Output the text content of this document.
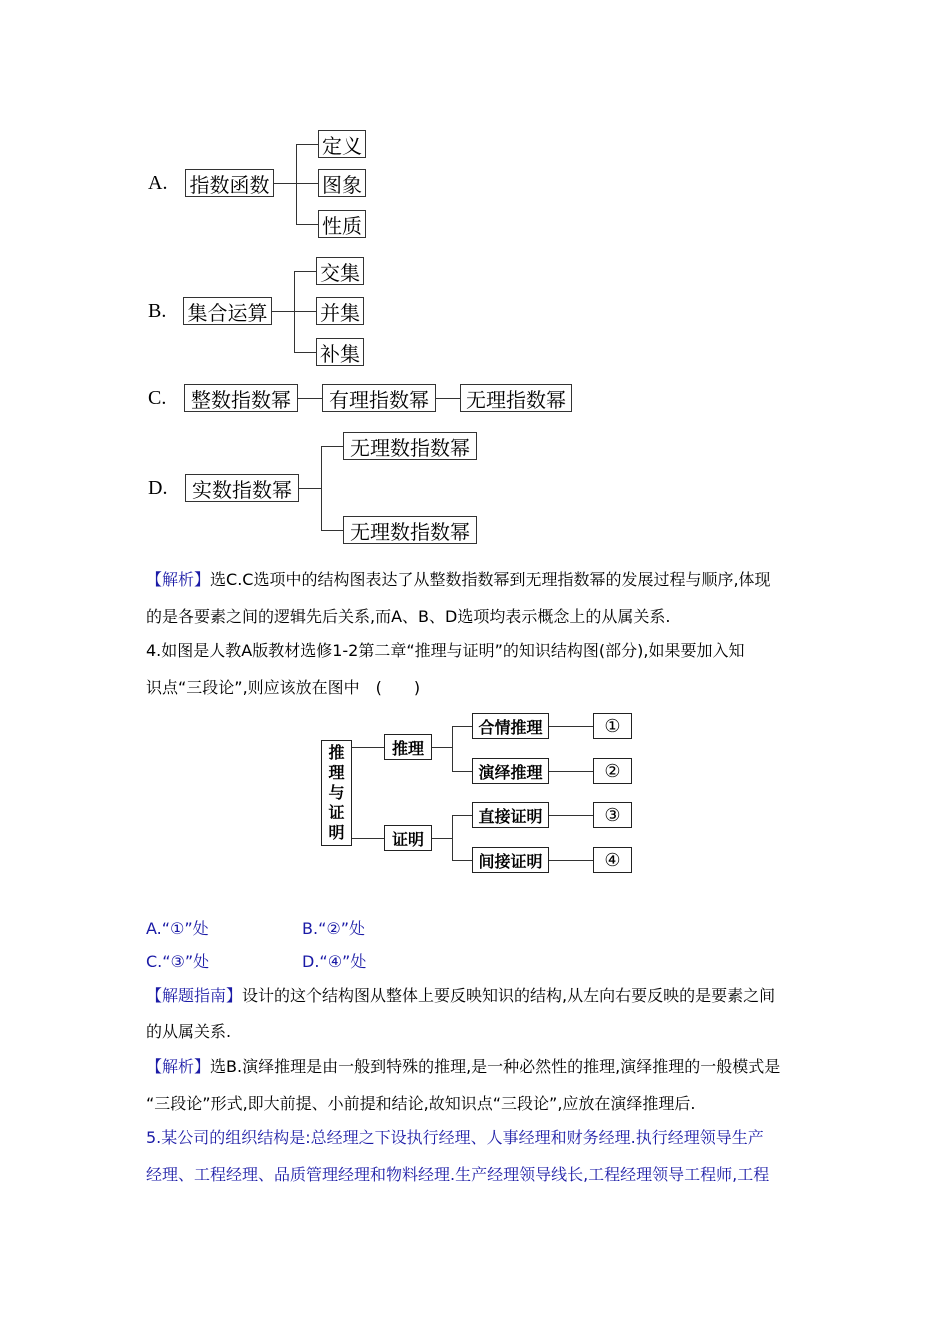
A. 指数函数
定义
图象
性质
B. 集合运算
交集
并集
补集
C.	整数指数幂	有理指数幂	无理指数幂
D.	实数指数幂
无理数指数幂
无理数指数幂
【解析】选C.C选项中的结构图表达了从整数指数幂到无理指数幂的发展过程与顺序,体现
的是各要素之间的逻辑先后关系,而A、B、D选项均表示概念上的从属关系.
4.如图是人教A版教材选修1-2第二章“推理与证明”的知识结构图(部分),如果要加入知
识点“三段论”,则应该放在图中　(　　)
推
理
与
证
明
推理
证明
合情推理
演绎推理
直接证明
间接证明
①
②
③
④
A.“①”处	B.“②”处
C.“③”处	D.“④”处
【解题指南】设计的这个结构图从整体上要反映知识的结构,从左向右要反映的是要素之间
的从属关系.
【解析】选B.演绎推理是由一般到特殊的推理,是一种必然性的推理,演绎推理的一般模式是
“三段论”形式,即大前提、小前提和结论,故知识点“三段论”,应放在演绎推理后.
5.某公司的组织结构是:总经理之下设执行经理、人事经理和财务经理.执行经理领导生产
经理、工程经理、品质管理经理和物料经理.生产经理领导线长,工程经理领导工程师,工程
